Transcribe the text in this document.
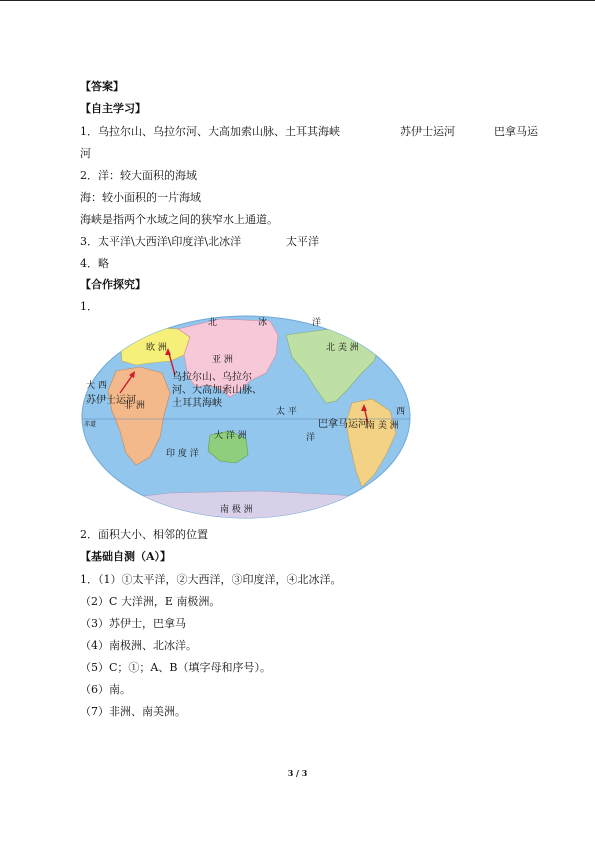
【答案】
【自主学习】
1．乌拉尔山、乌拉尔河、大高加索山脉、土耳其海峡	苏伊士运河	巴拿马运
河
2．洋：较大面积的海域
海：较小面积的一片海域
海峡是指两个水域之间的狭窄水上通道。
3．太平洋\大西洋\印度洋\北冰洋	太平洋
4．略
【合作探究】
1．
北	冰	洋
欧 洲
亚 洲
北 美 洲
非 洲
大 洋 洲
南 美 洲
南 极 洲
印 度 洋
太 平
洋
大 西
西
赤道
乌拉尔山、乌拉尔
河、大高加索山脉、
土耳其海峡
苏伊士运河
巴拿马运河
2．面积大小、相邻的位置
【基础自测（A）】
1．（1）①太平洋，②大西洋，③印度洋，④北冰洋。
（2）C 大洋洲，E 南极洲。
（3）苏伊士，巴拿马
（4）南极洲、北冰洋。
（5）C；①；A、B（填字母和序号）。
（6）南。
（7）非洲、南美洲。
3 / 3
